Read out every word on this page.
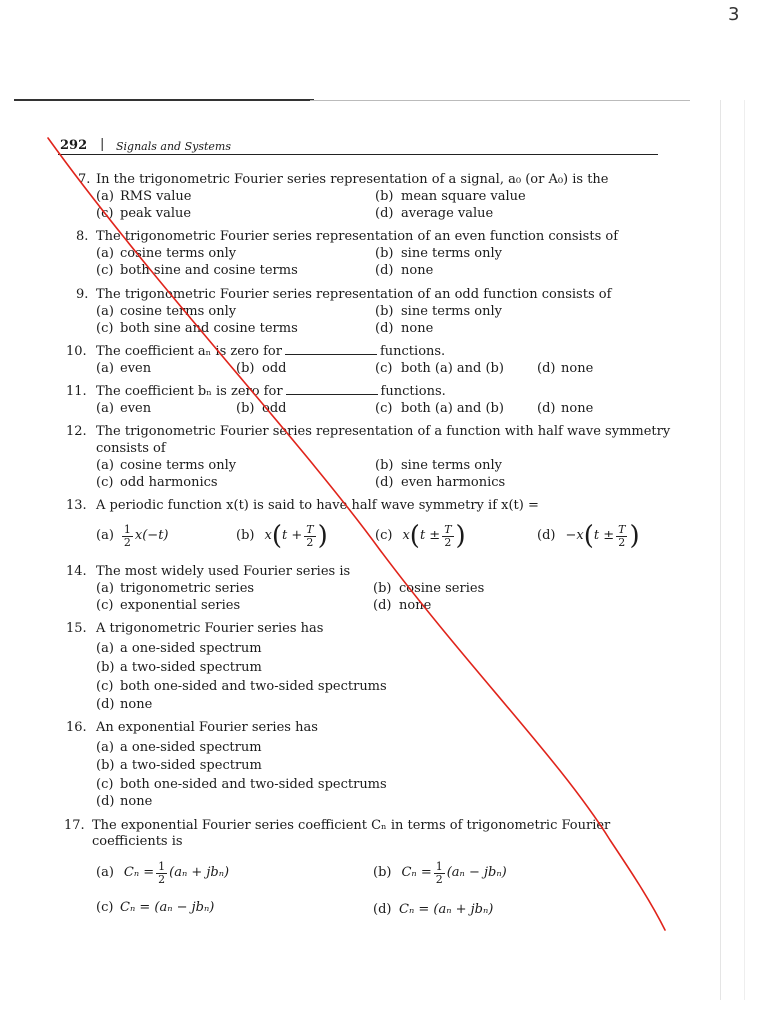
3
292 | Signals and Systems
7. In the trigonometric Fourier series representation of a signal, a₀ (or A₀) is the
(a) RMS value	(b) mean square value
(c) peak value	(d) average value
8. The trigonometric Fourier series representation of an even function consists of
(a) cosine terms only	(b) sine terms only
(c) both sine and cosine terms	(d) none
9. The trigonometric Fourier series representation of an odd function consists of
(a) cosine terms only	(b) sine terms only
(c) both sine and cosine terms	(d) none
10. The coefficient aₙ is zero for	functions.
(a) even	(b) odd	(c) both (a) and (b)	(d) none
11. The coefficient bₙ is zero for	functions.
(a) even	(b) odd	(c) both (a) and (b)	(d) none
12. The trigonometric Fourier series representation of a function with half wave symmetry
consists of
(a) cosine terms only	(b) sine terms only
(c) odd harmonics	(d) even harmonics
13. A periodic function x(t) is said to have half wave symmetry if x(t) =
$(a) \frac{1}{2} x(-t)$	(b) x ( $t + \frac{T}{2}$ )	(c) x ( $t \pm \frac{T}{2}$ )	(d) −x ( $t \pm \frac{T}{2}$ )
14. The most widely used Fourier series is
(a) trigonometric series	(b) cosine series
(c) exponential series	(d) none
15. A trigonometric Fourier series has
(a) a one-sided spectrum
(b) a two-sided spectrum
(c) both one-sided and two-sided spectrums
(d) none
16. An exponential Fourier series has
(a) a one-sided spectrum
(b) a two-sided spectrum
(c) both one-sided and two-sided spectrums
(d) none
17. The exponential Fourier series coefficient Cₙ in terms of trigonometric Fourier
coefficients is
(a) $C_n = \frac{1}{2} (a_n + jb_n)$	(b) $C_n = \frac{1}{2} (a_n - jb_n)$
(c) Cₙ = (aₙ − jbₙ)	(d) Cₙ = (aₙ + jbₙ)
